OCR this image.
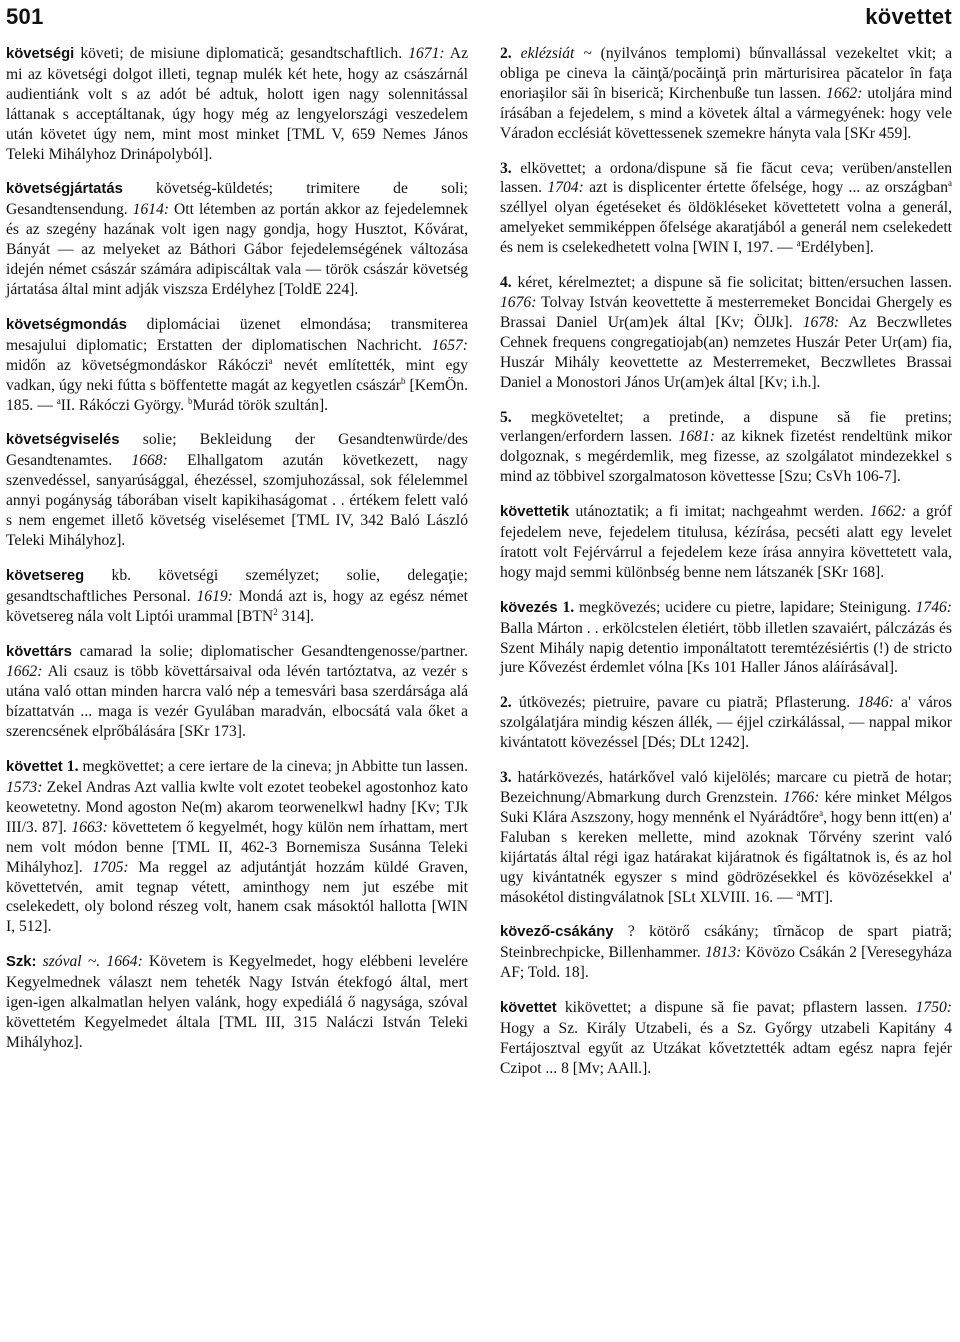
501	követtet

követségi követi; de misiune diplomatică; gesandtschaftlich. 1671: Az mi az követségi dolgot illeti, tegnap mulék két hete, hogy az császárnál audientiánk volt s az adót bé adtuk, holott igen nagy solennitással láttanak s acceptáltanak, úgy hogy még az lengyelországi veszedelem után követet úgy nem, mint most minket [TML V, 659 Nemes János Teleki Mihályhoz Drinápolyból].

követségjártatás követség-küldetés; trimitere de soli; Gesandtensendung. 1614: Ott létemben az portán akkor az fejedelemnek és az szegény hazának volt igen nagy gondja, hogy Husztot, Kővárat, Bányát — az melyeket az Báthori Gábor fejedelemségének változása idején német császár számára adipiscáltak vala — török császár követség jártatása által mint adják viszsza Erdélyhez [ToldE 224].

követségmondás diplomáciai üzenet elmondása; transmiterea mesajului diplomatic; Erstatten der diplomatischen Nachricht. 1657: midőn az követségmondáskor Rákóczi$^a$ nevét említették, mint egy vadkan, úgy neki fútta s böffentette magát az kegyetlen császár$^b$ [KemÖn. 185. — $^a$II. Rákóczi György. $^b$Murád török szultán].

követségviselés solie; Bekleidung der Gesandtenwürde/des Gesandtenamtes. 1668: Elhallgatom azután következett, nagy szenvedéssel, sanyarúsággal, éhezéssel, szomjuhozással, sok félelemmel annyi pogányság táborában viselt kapikihaságomat . . értékem felett való s nem engemet illető követség viselésemet [TML IV, 342 Baló László Teleki Mihályhoz].

követsereg kb. követségi személyzet; solie, delegaţie; gesandtschaftliches Personal. 1619: Mondá azt is, hogy az egész német követsereg nála volt Liptói urammal [BTN$^2$ 314].

követtárs camarad la solie; diplomatischer Gesandtengenosse/partner. 1662: Ali csauz is több követtársaival oda lévén tartóztatva, az vezér s utána való ottan minden harcra való nép a temesvári basa szerdársága alá bízattatván ... maga is vezér Gyulában maradván, elbocsátá vala őket a szerencsének elprőbálására [SKr 173].

követtet 1. megkövettet; a cere iertare de la cineva; jn Abbitte tun lassen. 1573: Zekel Andras Azt vallia kwlte volt ezotet teobekel agostonhoz kato keowetetny. Mond agoston Ne(m) akarom teorwenelkwl hadny [Kv; TJk III/3. 87]. 1663: követtetem ő kegyelmét, hogy külön nem írhattam, mert nem volt módon benne [TML II, 462-3 Bornemisza Susánna Teleki Mihályhoz]. 1705: Ma reggel az adjutántját hozzám küldé Graven, követtetvén, amit tegnap vétett, aminthogy nem jut eszébe mit cselekedett, oly bolond részeg volt, hanem csak másoktól hallotta [WIN I, 512].

Szk: szóval ~. 1664: Követem is Kegyelmedet, hogy elébbeni levelére Kegyelmednek választ nem teheték Nagy István étekfogó által, mert igen-igen alkalmatlan helyen valánk, hogy expediálá ő nagysága, szóval követtetém Kegyelmedet általa [TML III, 315 Naláczi István Teleki Mihályhoz].

2. eklézsiát ~ (nyilvános templomi) bűnvallással vezekeltet vkit; a obliga pe cineva la căinţă/pocăinţă prin mărturisirea păcatelor în faţa enoriaşilor săi în biserică; Kirchenbuße tun lassen. 1662: utoljára mind írásában a fejedelem, s mind a követek által a vármegyének: hogy vele Váradon ecclésiát követtessenek szemekre hányta vala [SKr 459].

3. elkövettet; a ordona/dispune să fie făcut ceva; verüben/anstellen lassen. 1704: azt is displicenter értette őfelsége, hogy ... az országban$^a$ széllyel olyan égetéseket és öldökléseket követtetett volna a generál, amelyeket semmiképpen őfelsége akaratjából a generál nem cselekedett és nem is cselekedhetett volna [WIN I, 197. — $^a$Erdélyben].

4. kéret, kérelmeztet; a dispune să fie solicitat; bitten/ersuchen lassen. 1676: Tolvay István keovettette ă mesterremeket Boncidai Ghergely es Brassai Daniel Ur(am)ek által [Kv; ÖlJk]. 1678: Az Beczwlletes Cehnek frequens congregatiojab(an) nemzetes Huszár Peter Ur(am) fia, Huszár Mihály keovettette az Mesterremeket, Beczwlletes Brassai Daniel a Monostori János Ur(am)ek által [Kv; i.h.].

5. megköveteltet; a pretinde, a dispune să fie pretins; verlangen/erfordern lassen. 1681: az kiknek fizetést rendeltünk mikor dolgoznak, s megérdemlik, meg fizesse, az szolgálatot mindezekkel s mind az többivel szorgalmatoson követtesse [Szu; CsVh 106-7].

követtetik utánoztatik; a fi imitat; nachgeahmt werden. 1662: a gróf fejedelem neve, fejedelem titulusa, kézírása, pecséti alatt egy levelet íratott volt Fejérvárrul a fejedelem keze írása annyira követtetett vala, hogy majd semmi különbség benne nem látszanék [SKr 168].

kövezés 1. megkövezés; ucidere cu pietre, lapidare; Steinigung. 1746: Balla Márton . . erkölcstelen életiért, több illetlen szavaiért, pálczázás és Szent Mihály napig detentio imponáltatott teremtézésiértis (!) de stricto jure Kővezést érdemlet vólna [Ks 101 Haller János aláírásával].

2. útkövezés; pietruire, pavare cu piatră; Pflasterung. 1846: a' város szolgálatjára mindig készen állék, — éjjel czirkálással, — nappal mikor kivántatott kövezéssel [Dés; DLt 1242].

3. határkövezés, határkővel való kijelölés; marcare cu pietră de hotar; Bezeichnung/Abmarkung durch Grenzstein. 1766: kére minket Mélgos Suki Klára Aszszony, hogy mennénk el Nyárádtőre$^a$, hogy benn itt(en) a' Faluban s kereken mellette, mind azoknak Tőrvény szerint való kijártatás által régi igaz határakat kijáratnok és figáltatnok is, és az hol ugy kivántatnék egyszer s mind gödrözésekkel és kövözésekkel a' másokétol distingválatnok [SLt XLVIII. 16. — $^a$MT].

kövező-csákány ? kötörő csákány; tîrnăcop de spart piatră; Steinbrechpicke, Billenhammer. 1813: Kövözo Csákán 2 [Veresegyháza AF; Told. 18].

követtet kikövettet; a dispune să fie pavat; pflastern lassen. 1750: Hogy a Sz. Király Utzabeli, és a Sz. Győrgy utzabeli Kapitány 4 Fertájosztval egyűt az Utzákat kővetztették adtam egész napra fejér Czipot ... 8 [Mv; AAll.].
